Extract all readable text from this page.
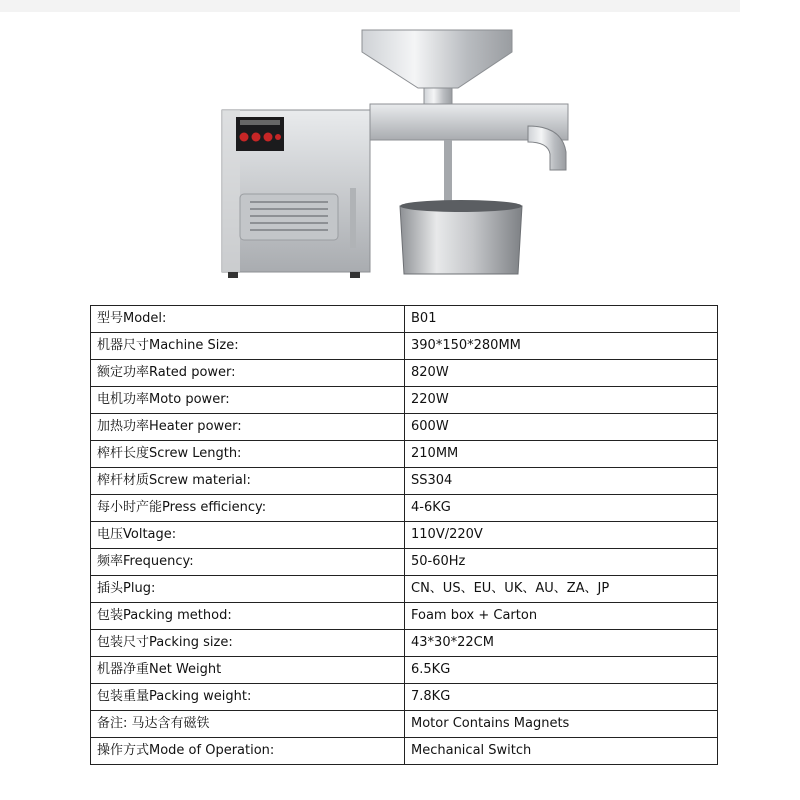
型号Model:	B01
机器尺寸Machine Size:	390*150*280MM
额定功率Rated power:	820W
电机功率Moto power:	220W
加热功率Heater power:	600W
榨杆长度Screw Length:	210MM
榨杆材质Screw material:	SS304
每小时产能Press efficiency:	4-6KG
电压Voltage:	110V/220V
频率Frequency:	50-60Hz
插头Plug:	CN、US、EU、UK、AU、ZA、JP
包装Packing method:	Foam box + Carton
包装尺寸Packing size:	43*30*22CM
机器净重Net Weight	6.5KG
包装重量Packing weight:	7.8KG
备注: 马达含有磁铁	Motor Contains Magnets
操作方式Mode of Operation:	Mechanical Switch
